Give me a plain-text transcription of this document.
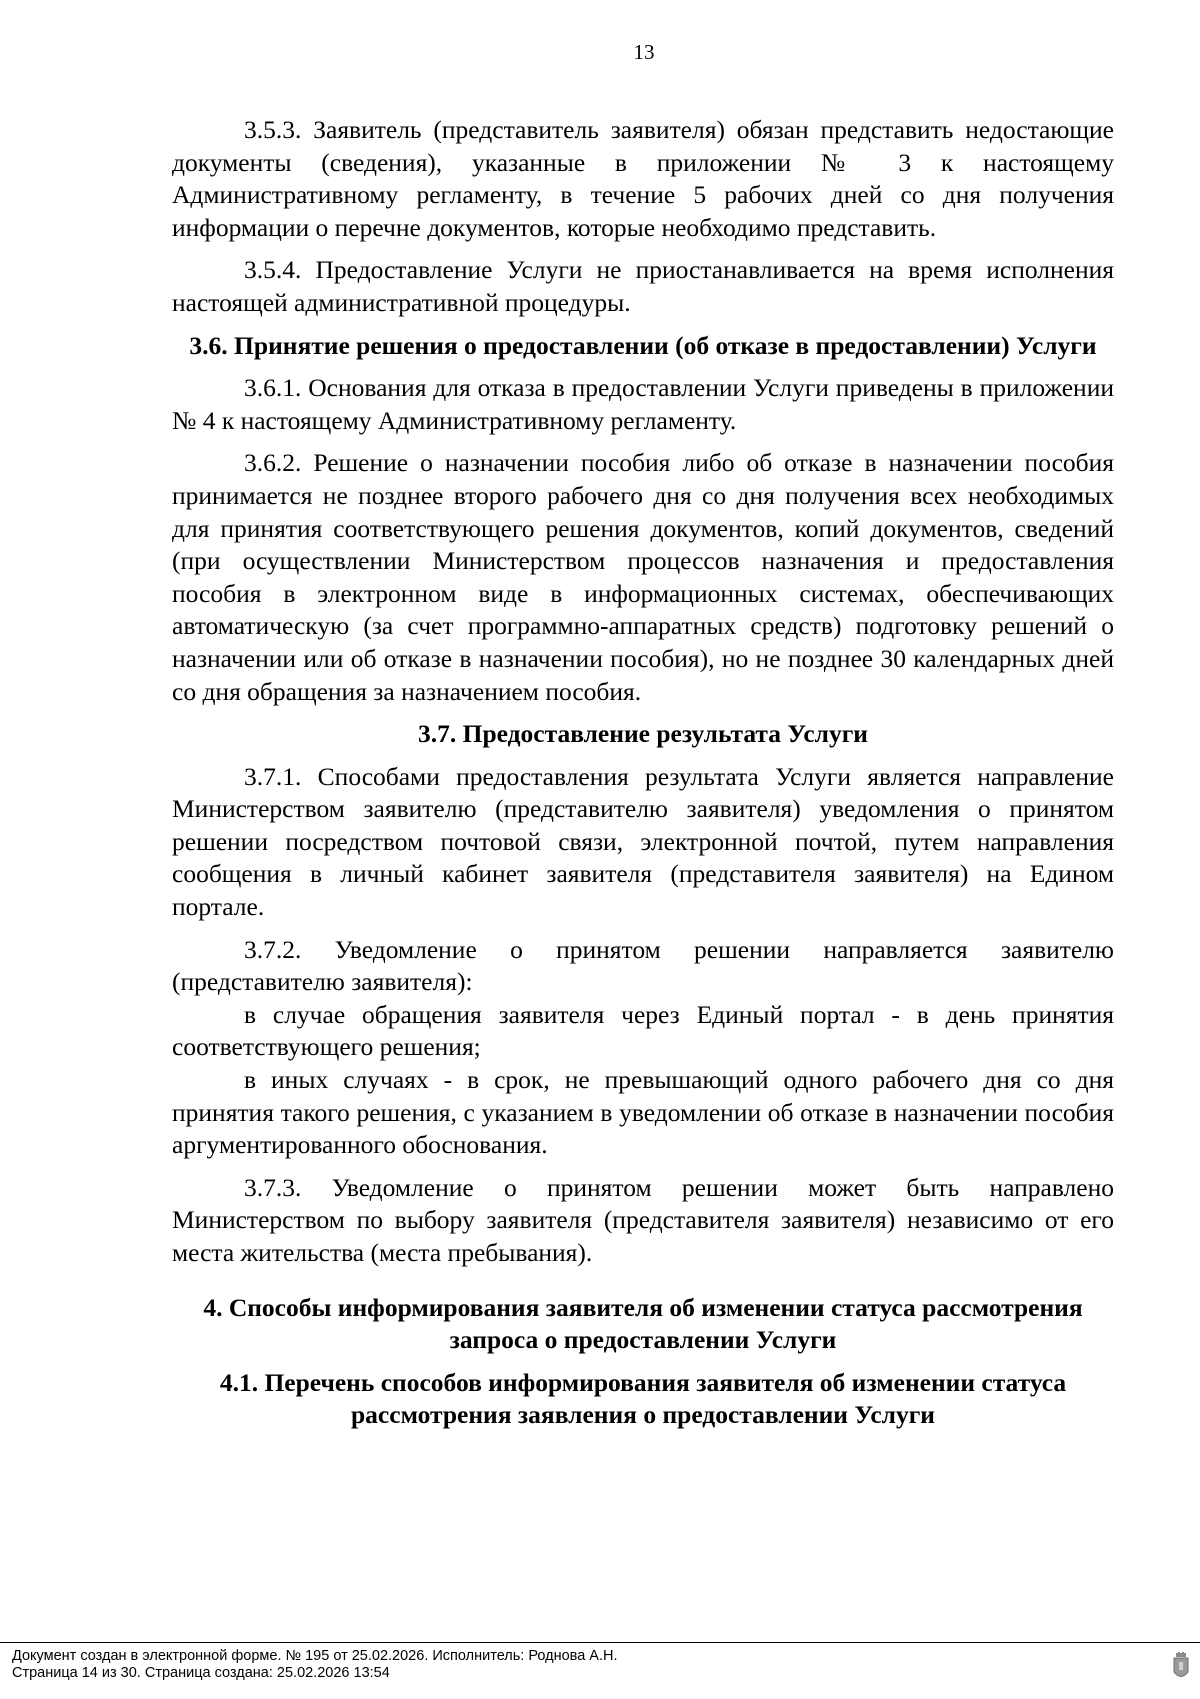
13

3.5.3. Заявитель (представитель заявителя) обязан представить недостающие документы (сведения), указанные в приложении № 3 к настоящему Административному регламенту, в течение 5 рабочих дней со дня получения информации о перечне документов, которые необходимо представить.

3.5.4. Предоставление Услуги не приостанавливается на время исполнения настоящей административной процедуры.

3.6. Принятие решения о предоставлении (об отказе в предоставлении) Услуги

3.6.1. Основания для отказа в предоставлении Услуги приведены в приложении № 4 к настоящему Административному регламенту.

3.6.2. Решение о назначении пособия либо об отказе в назначении пособия принимается не позднее второго рабочего дня со дня получения всех необходимых для принятия соответствующего решения документов, копий документов, сведений (при осуществлении Министерством процессов назначения и предоставления пособия в электронном виде в информационных системах, обеспечивающих автоматическую (за счет программно-аппаратных средств) подготовку решений о назначении или об отказе в назначении пособия), но не позднее 30 календарных дней со дня обращения за назначением пособия.

3.7. Предоставление результата Услуги

3.7.1. Способами предоставления результата Услуги является направление Министерством заявителю (представителю заявителя) уведомления о принятом решении посредством почтовой связи, электронной почтой, путем направления сообщения в личный кабинет заявителя (представителя заявителя) на Едином портале.

3.7.2. Уведомление о принятом решении направляется заявителю (представителю заявителя):

в случае обращения заявителя через Единый портал - в день принятия соответствующего решения;

в иных случаях - в срок, не превышающий одного рабочего дня со дня принятия такого решения, с указанием в уведомлении об отказе в назначении пособия аргументированного обоснования.

3.7.3. Уведомление о принятом решении может быть направлено Министерством по выбору заявителя (представителя заявителя) независимо от его места жительства (места пребывания).

4. Способы информирования заявителя об изменении статуса рассмотрения запроса о предоставлении Услуги
4.1. Перечень способов информирования заявителя об изменении статуса рассмотрения заявления о предоставлении Услуги
Документ создан в электронной форме. № 195 от 25.02.2026. Исполнитель: Роднова А.Н.
Страница 14 из 30. Страница создана: 25.02.2026 13:54
